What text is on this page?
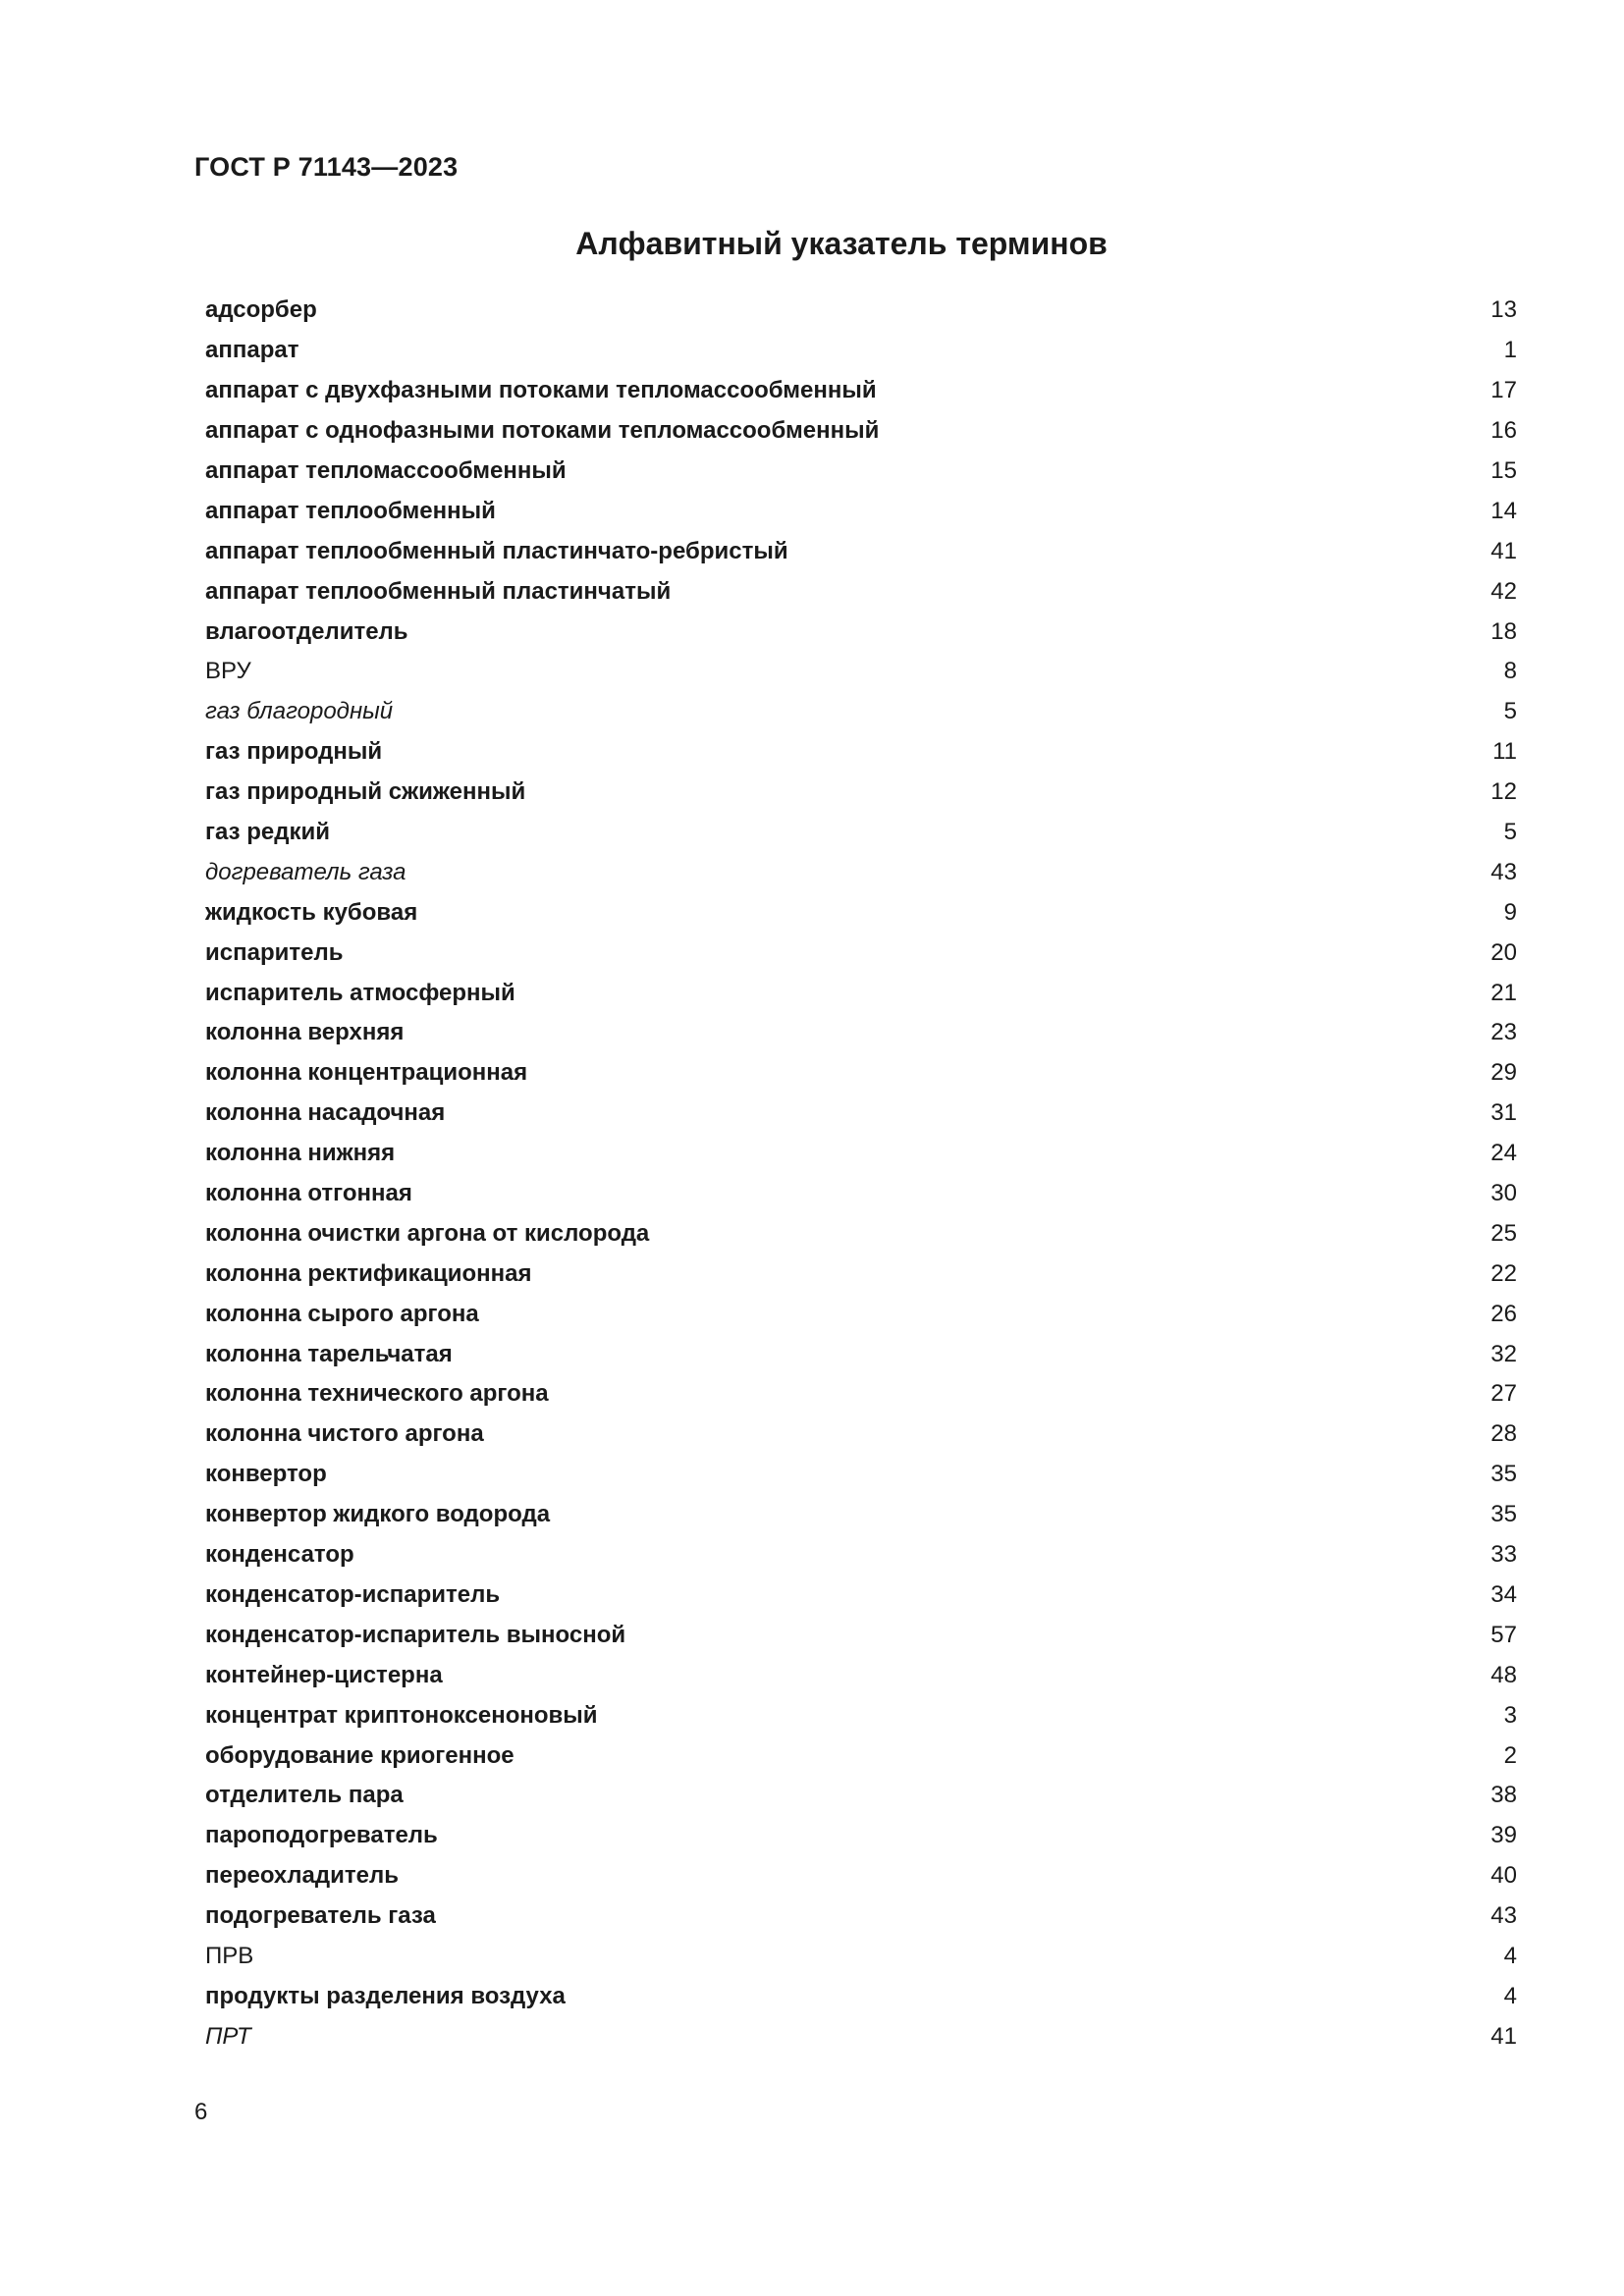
ГОСТ Р 71143—2023
Алфавитный указатель терминов
адсорбер	13
аппарат	1
аппарат с двухфазными потоками тепломассообменный	17
аппарат с однофазными потоками тепломассообменный	16
аппарат тепломассообменный	15
аппарат теплообменный	14
аппарат теплообменный пластинчато-ребристый	41
аппарат теплообменный пластинчатый	42
влагоотделитель	18
ВРУ	8
газ благородный	5
газ природный	11
газ природный сжиженный	12
газ редкий	5
догреватель газа	43
жидкость кубовая	9
испаритель	20
испаритель атмосферный	21
колонна верхняя	23
колонна концентрационная	29
колонна насадочная	31
колонна нижняя	24
колонна отгонная	30
колонна очистки аргона от кислорода	25
колонна ректификационная	22
колонна сырого аргона	26
колонна тарельчатая	32
колонна технического аргона	27
колонна чистого аргона	28
конвертор	35
конвертор жидкого водорода	35
конденсатор	33
конденсатор-испаритель	34
конденсатор-испаритель выносной	57
контейнер-цистерна	48
концентрат криптоноксеноновый	3
оборудование криогенное	2
отделитель пара	38
пароподогреватель	39
переохладитель	40
подогреватель газа	43
ПРВ	4
продукты разделения воздуха	4
ПРТ	41
6
